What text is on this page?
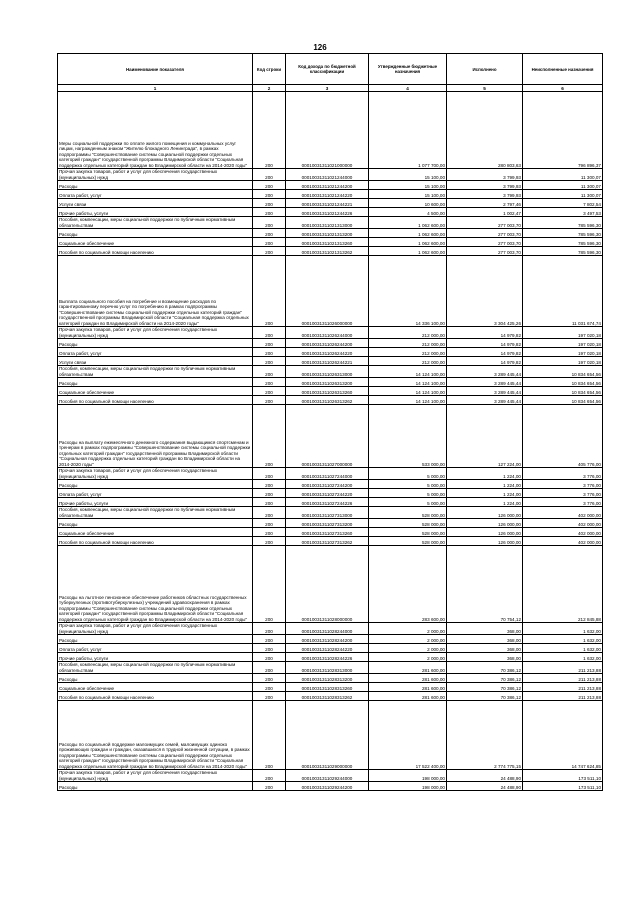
126
Наименование показателя	Код строки	Код дохода по бюджетной классификации	Утвержденные бюджетные назначения	Исполнено	Неисполненные назначения
1	2	3	4	5	6
Меры социальной поддержки по оплате жилого помещения и коммунальных услуг лицам, награжденным знаком "Жителю блокадного Ленинграда", в рамках подпрограммы "Совершенствование системы социальной поддержки отдельных категорий граждан" государственной программы Владимирской области "Социальная поддержка отдельных категорий граждан во Владимирской области на 2014-2020 годы"	200	00010031311021000000	1 077 700,00	280 803,63	796 896,37
Прочая закупка товаров, работ и услуг для обеспечения государственных (муниципальных) нужд	200	00010031311021244000	15 100,00	3 799,93	11 300,07
Расходы	200	00010031311021244200	15 100,00	3 799,93	11 300,07
Оплата работ, услуг	200	00010031311021244220	15 100,00	3 799,93	11 300,07
Услуги связи	200	00010031311021244221	10 600,00	2 797,46	7 802,54
Прочие работы, услуги	200	00010031311021244226	4 500,00	1 002,47	3 497,53
Пособия, компенсации, меры социальной поддержки по публичным нормативным обязательствам	200	00010031311021313000	1 062 600,00	277 003,70	785 596,30
Расходы	200	00010031311021313200	1 062 600,00	277 003,70	785 596,30
Социальное обеспечение	200	00010031311021313260	1 062 600,00	277 003,70	785 596,30
Пособия по социальной помощи населению	200	00010031311021313262	1 062 600,00	277 003,70	785 596,30
Выплата социального пособия на погребение и возмещение расходов по гарантированному перечню услуг по погребению в рамках подпрограммы "Совершенствование системы социальной поддержки отдельных категорий граждан" государственной программы Владимирской области "Социальная поддержка отдельных категорий граждан во Владимирской области на 2014-2020 годы"	200	00010031311026000000	14 336 100,00	3 304 425,26	11 031 674,74
Прочая закупка товаров, работ и услуг для обеспечения государственных (муниципальных) нужд	200	00010031311026244000	212 000,00	14 979,82	197 020,18
Расходы	200	00010031311026244200	212 000,00	14 979,82	197 020,18
Оплата работ, услуг	200	00010031311026244220	212 000,00	14 979,82	197 020,18
Услуги связи	200	00010031311026244221	212 000,00	14 979,82	197 020,18
Пособия, компенсации, меры социальной поддержки по публичным нормативным обязательствам	200	00010031311026313000	14 124 100,00	3 289 445,44	10 834 654,56
Расходы	200	00010031311026313200	14 124 100,00	3 289 445,44	10 834 654,56
Социальное обеспечение	200	00010031311026313260	14 124 100,00	3 289 445,44	10 834 654,56
Пособия по социальной помощи населению	200	00010031311026313262	14 124 100,00	3 289 445,44	10 834 654,56
Расходы на выплату ежемесячного денежного содержания выдающимся спортсменам и тренерам в рамках подпрограммы "Совершенствование системы социальной поддержки отдельных категорий граждан" государственной программы Владимирской области "Социальная поддержка отдельных категорий граждан во Владимирской области на 2014-2020 годы"	200	00010031311027000000	533 000,00	127 224,00	405 776,00
Прочая закупка товаров, работ и услуг для обеспечения государственных (муниципальных) нужд	200	00010031311027244000	5 000,00	1 224,00	3 776,00
Расходы	200	00010031311027244200	5 000,00	1 224,00	3 776,00
Оплата работ, услуг	200	00010031311027244220	5 000,00	1 224,00	3 776,00
Прочие работы, услуги	200	00010031311027244226	5 000,00	1 224,00	3 776,00
Пособия, компенсации, меры социальной поддержки по публичным нормативным обязательствам	200	00010031311027313000	528 000,00	126 000,00	402 000,00
Расходы	200	00010031311027313200	528 000,00	126 000,00	402 000,00
Социальное обеспечение	200	00010031311027313260	528 000,00	126 000,00	402 000,00
Пособия по социальной помощи населению	200	00010031311027313262	528 000,00	126 000,00	402 000,00
Расходы на льготное пенсионное обеспечение работников областных государственных туберкулезных (противотуберкулезных) учреждений здравоохранения в рамках подпрограммы "Совершенствование системы социальной поддержки отдельных категорий граждан" государственной программы Владимирской области "Социальная поддержка отдельных категорий граждан во Владимирской области на 2014-2020 годы"	200	00010031311028000000	283 600,00	70 754,12	212 845,88
Прочая закупка товаров, работ и услуг для обеспечения государственных (муниципальных) нужд	200	00010031311028244000	2 000,00	368,00	1 632,00
Расходы	200	00010031311028244200	2 000,00	368,00	1 632,00
Оплата работ, услуг	200	00010031311028244220	2 000,00	368,00	1 632,00
Прочие работы, услуги	200	00010031311028244226	2 000,00	368,00	1 632,00
Пособия, компенсации, меры социальной поддержки по публичным нормативным обязательствам	200	00010031311028313000	281 600,00	70 386,12	211 213,88
Расходы	200	00010031311028313200	281 600,00	70 386,12	211 213,88
Социальное обеспечение	200	00010031311028313260	281 600,00	70 386,12	211 213,88
Пособия по социальной помощи населению	200	00010031311028313262	281 600,00	70 386,12	211 213,88
Расходы по социальной поддержке малоимущих семей, малоимущих одиноко проживающих граждан и граждан, оказавшихся в трудной жизненной ситуации, в рамках подпрограммы "Совершенствование системы социальной поддержки отдельных категорий граждан" государственной программы Владимирской области "Социальная поддержка отдельных категорий граждан во Владимирской области на 2014-2020 годы"	200	00010031311029000000	17 522 400,00	2 774 775,15	14 747 624,85
Прочая закупка товаров, работ и услуг для обеспечения государственных (муниципальных) нужд	200	00010031311029244000	198 000,00	24 488,90	173 511,10
Расходы	200	00010031311029244200	198 000,00	24 488,90	173 511,10
